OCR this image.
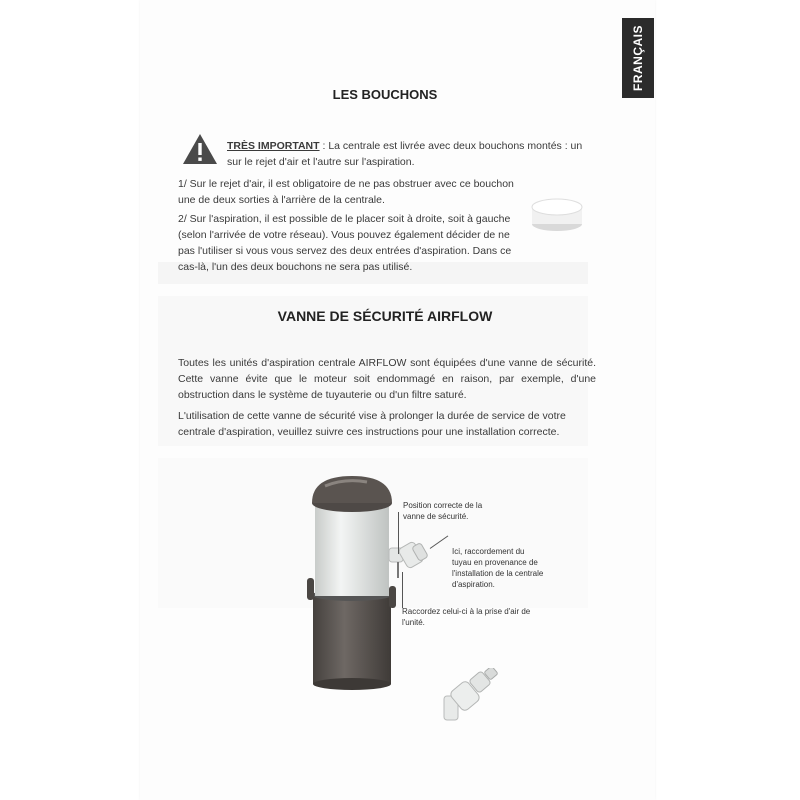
FRANÇAIS
LES BOUCHONS

TRÈS IMPORTANT : La centrale est livrée avec deux bouchons montés : un sur le rejet d'air et l'autre sur l'aspiration.

1/ Sur le rejet d'air, il est obligatoire de ne pas obstruer avec ce bouchon une de deux sorties à l'arrière de la centrale.

2/ Sur l'aspiration, il est possible de le placer soit à droite, soit à gauche (selon l'arrivée de votre réseau). Vous pouvez également décider de ne pas l'utiliser si vous vous servez des deux entrées d'aspiration. Dans ce cas-là, l'un des deux bouchons ne sera pas utilisé.

VANNE DE SÉCURITÉ AIRFLOW

Toutes les unités d'aspiration centrale AIRFLOW sont équipées d'une vanne de sécurité. Cette vanne évite que le moteur soit endommagé en raison, par exemple, d'une obstruction dans le système de tuyauterie ou d'un filtre saturé.

L'utilisation de cette vanne de sécurité vise à prolonger la durée de service de votre centrale d'aspiration, veuillez suivre ces instructions pour une installation correcte.

Position correcte de la vanne de sécurité.
Ici, raccordement du tuyau en provenance de l'installation de la centrale d'aspiration.
Raccordez celui-ci à la prise d'air de l'unité.
